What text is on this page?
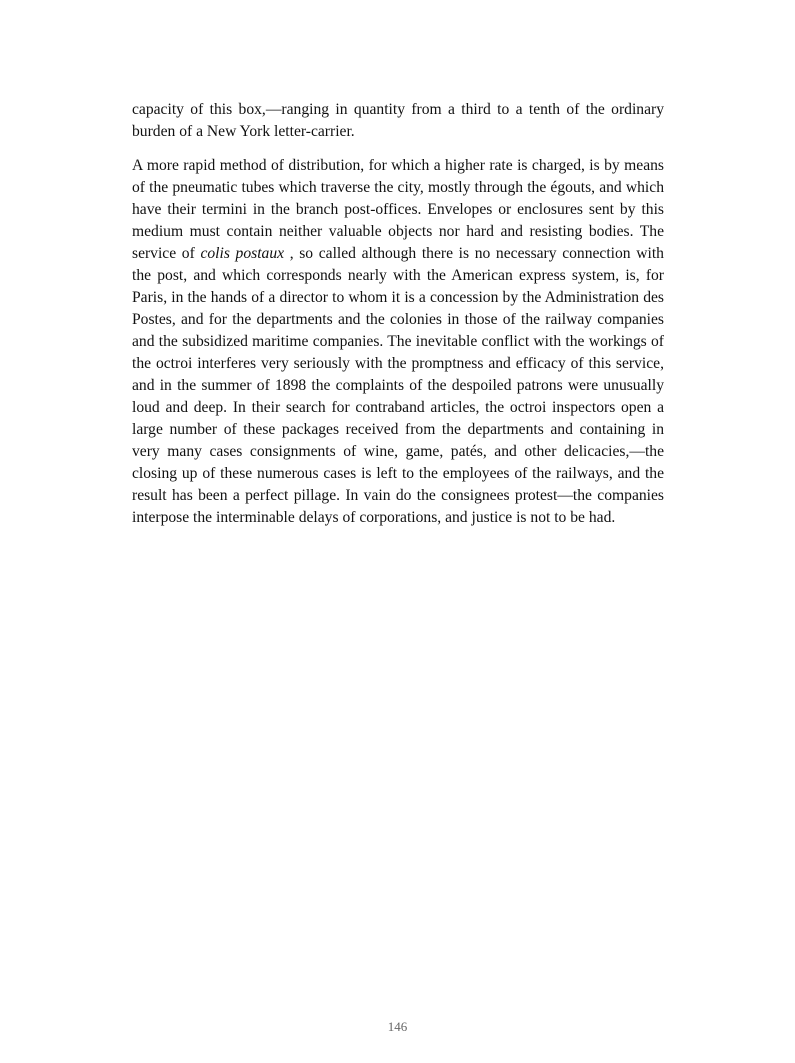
capacity of this box,—ranging in quantity from a third to a tenth of the ordinary burden of a New York letter-carrier.

A more rapid method of distribution, for which a higher rate is charged, is by means of the pneumatic tubes which traverse the city, mostly through the égouts, and which have their termini in the branch post-offices. Envelopes or enclosures sent by this medium must contain neither valuable objects nor hard and resisting bodies. The service of colis postaux , so called although there is no necessary connection with the post, and which corresponds nearly with the American express system, is, for Paris, in the hands of a director to whom it is a concession by the Administration des Postes, and for the departments and the colonies in those of the railway companies and the subsidized maritime companies. The inevitable conflict with the workings of the octroi interferes very seriously with the promptness and efficacy of this service, and in the summer of 1898 the complaints of the despoiled patrons were unusually loud and deep. In their search for contraband articles, the octroi inspectors open a large number of these packages received from the departments and containing in very many cases consignments of wine, game, patés, and other delicacies,—the closing up of these numerous cases is left to the employees of the railways, and the result has been a perfect pillage. In vain do the consignees protest—the companies interpose the interminable delays of corporations, and justice is not to be had.

146
